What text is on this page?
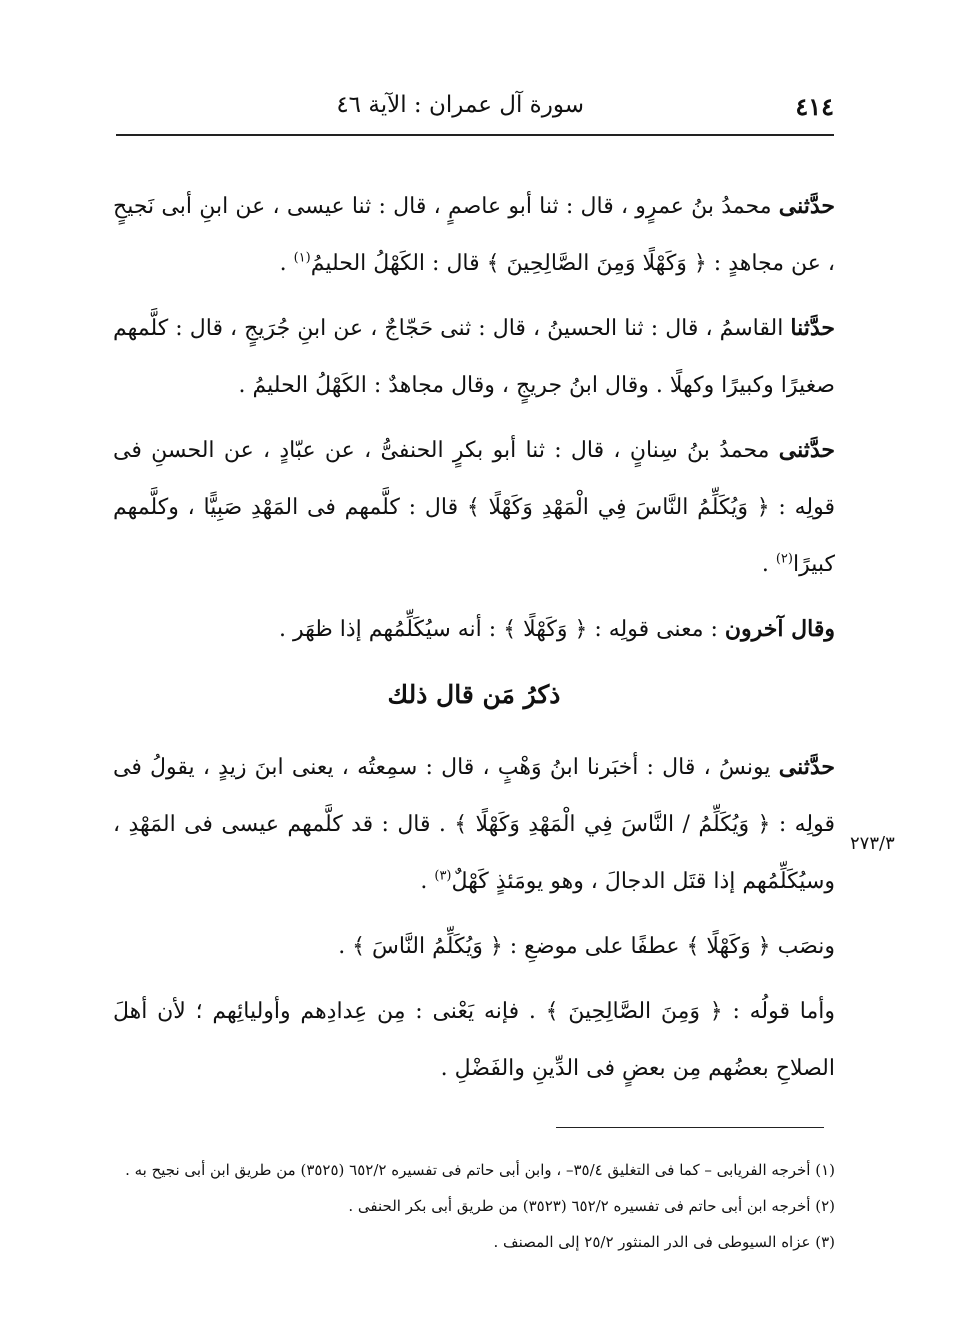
٤١٤
سورة آل عمران : الآية ٤٦

حدَّثنى محمدُ بنُ عمرٍو ، قال : ثنا أبو عاصمٍ ، قال : ثنا عيسى ، عن ابنِ أبى نَجيحٍ ، عن مجاهدٍ : ﴿ وَكَهْلًا وَمِنَ الصَّالِحِينَ ﴾ قال : الكَهْلُ الحليمُ$^{(١)}$ .

حدَّثنا القاسمُ ، قال : ثنا الحسينُ ، قال : ثنى حَجّاجٌ ، عن ابنِ جُرَيجٍ ، قال : كلَّمهم صغيرًا وكبيرًا وكهلًا . وقال ابنُ جريجٍ ، وقال مجاهدٌ : الكَهْلُ الحليمُ .

حدَّثنى محمدُ بنُ سِنانٍ ، قال : ثنا أبو بكرٍ الحنفىُّ ، عن عبّادٍ ، عن الحسنِ فى قولِه : ﴿ وَيُكَلِّمُ النَّاسَ فِي الْمَهْدِ وَكَهْلًا ﴾ قال : كلَّمهم فى المَهْدِ صَبِيًّا ، وكلَّمهم كبيرًا$^{(٢)}$ .

وقال آخرون : معنى قولِه : ﴿ وَكَهْلًا ﴾ : أنه سيُكَلِّمُهم إذا ظهَر .

ذكرُ مَن قال ذلك

حدَّثنى يونسُ ، قال : أخبَرنا ابنُ وَهْبٍ ، قال : سمِعتُه ، يعنى ابنَ زيدٍ ، يقولُ فى قولِه : ﴿ وَيُكَلِّمُ / النَّاسَ فِي الْمَهْدِ وَكَهْلًا ﴾ . قال : قد كلَّمهم عيسى فى المَهْدِ ، وسيُكَلِّمُهم إذا قتَل الدجالَ ، وهو يومَئذٍ كَهْلٌ$^{(٣)}$ .

ونصَب ﴿ وَكَهْلًا ﴾ عطفًا على موضعِ : ﴿ وَيُكَلِّمُ النَّاسَ ﴾ .

وأما قولُه : ﴿ وَمِنَ الصَّالِحِينَ ﴾ . فإنه يَعْنى : مِن عِدادِهم وأوليائِهم ؛ لأن أهلَ الصلاحِ بعضُهم مِن بعضٍ فى الدِّينِ والفَضْلِ .

٢٧٣/٣

(١) أخرجه الفريابى – كما فى التغليق ٣٥/٤– ، وابن أبى حاتم فى تفسيره ٦٥٢/٢ (٣٥٢٥) من طريق ابن أبى نجيح به .

(٢) أخرجه ابن أبى حاتم فى تفسيره ٦٥٢/٢ (٣٥٢٣) من طريق أبى بكر الحنفى .

(٣) عزاه السيوطى فى الدر المنثور ٢٥/٢ إلى المصنف .
